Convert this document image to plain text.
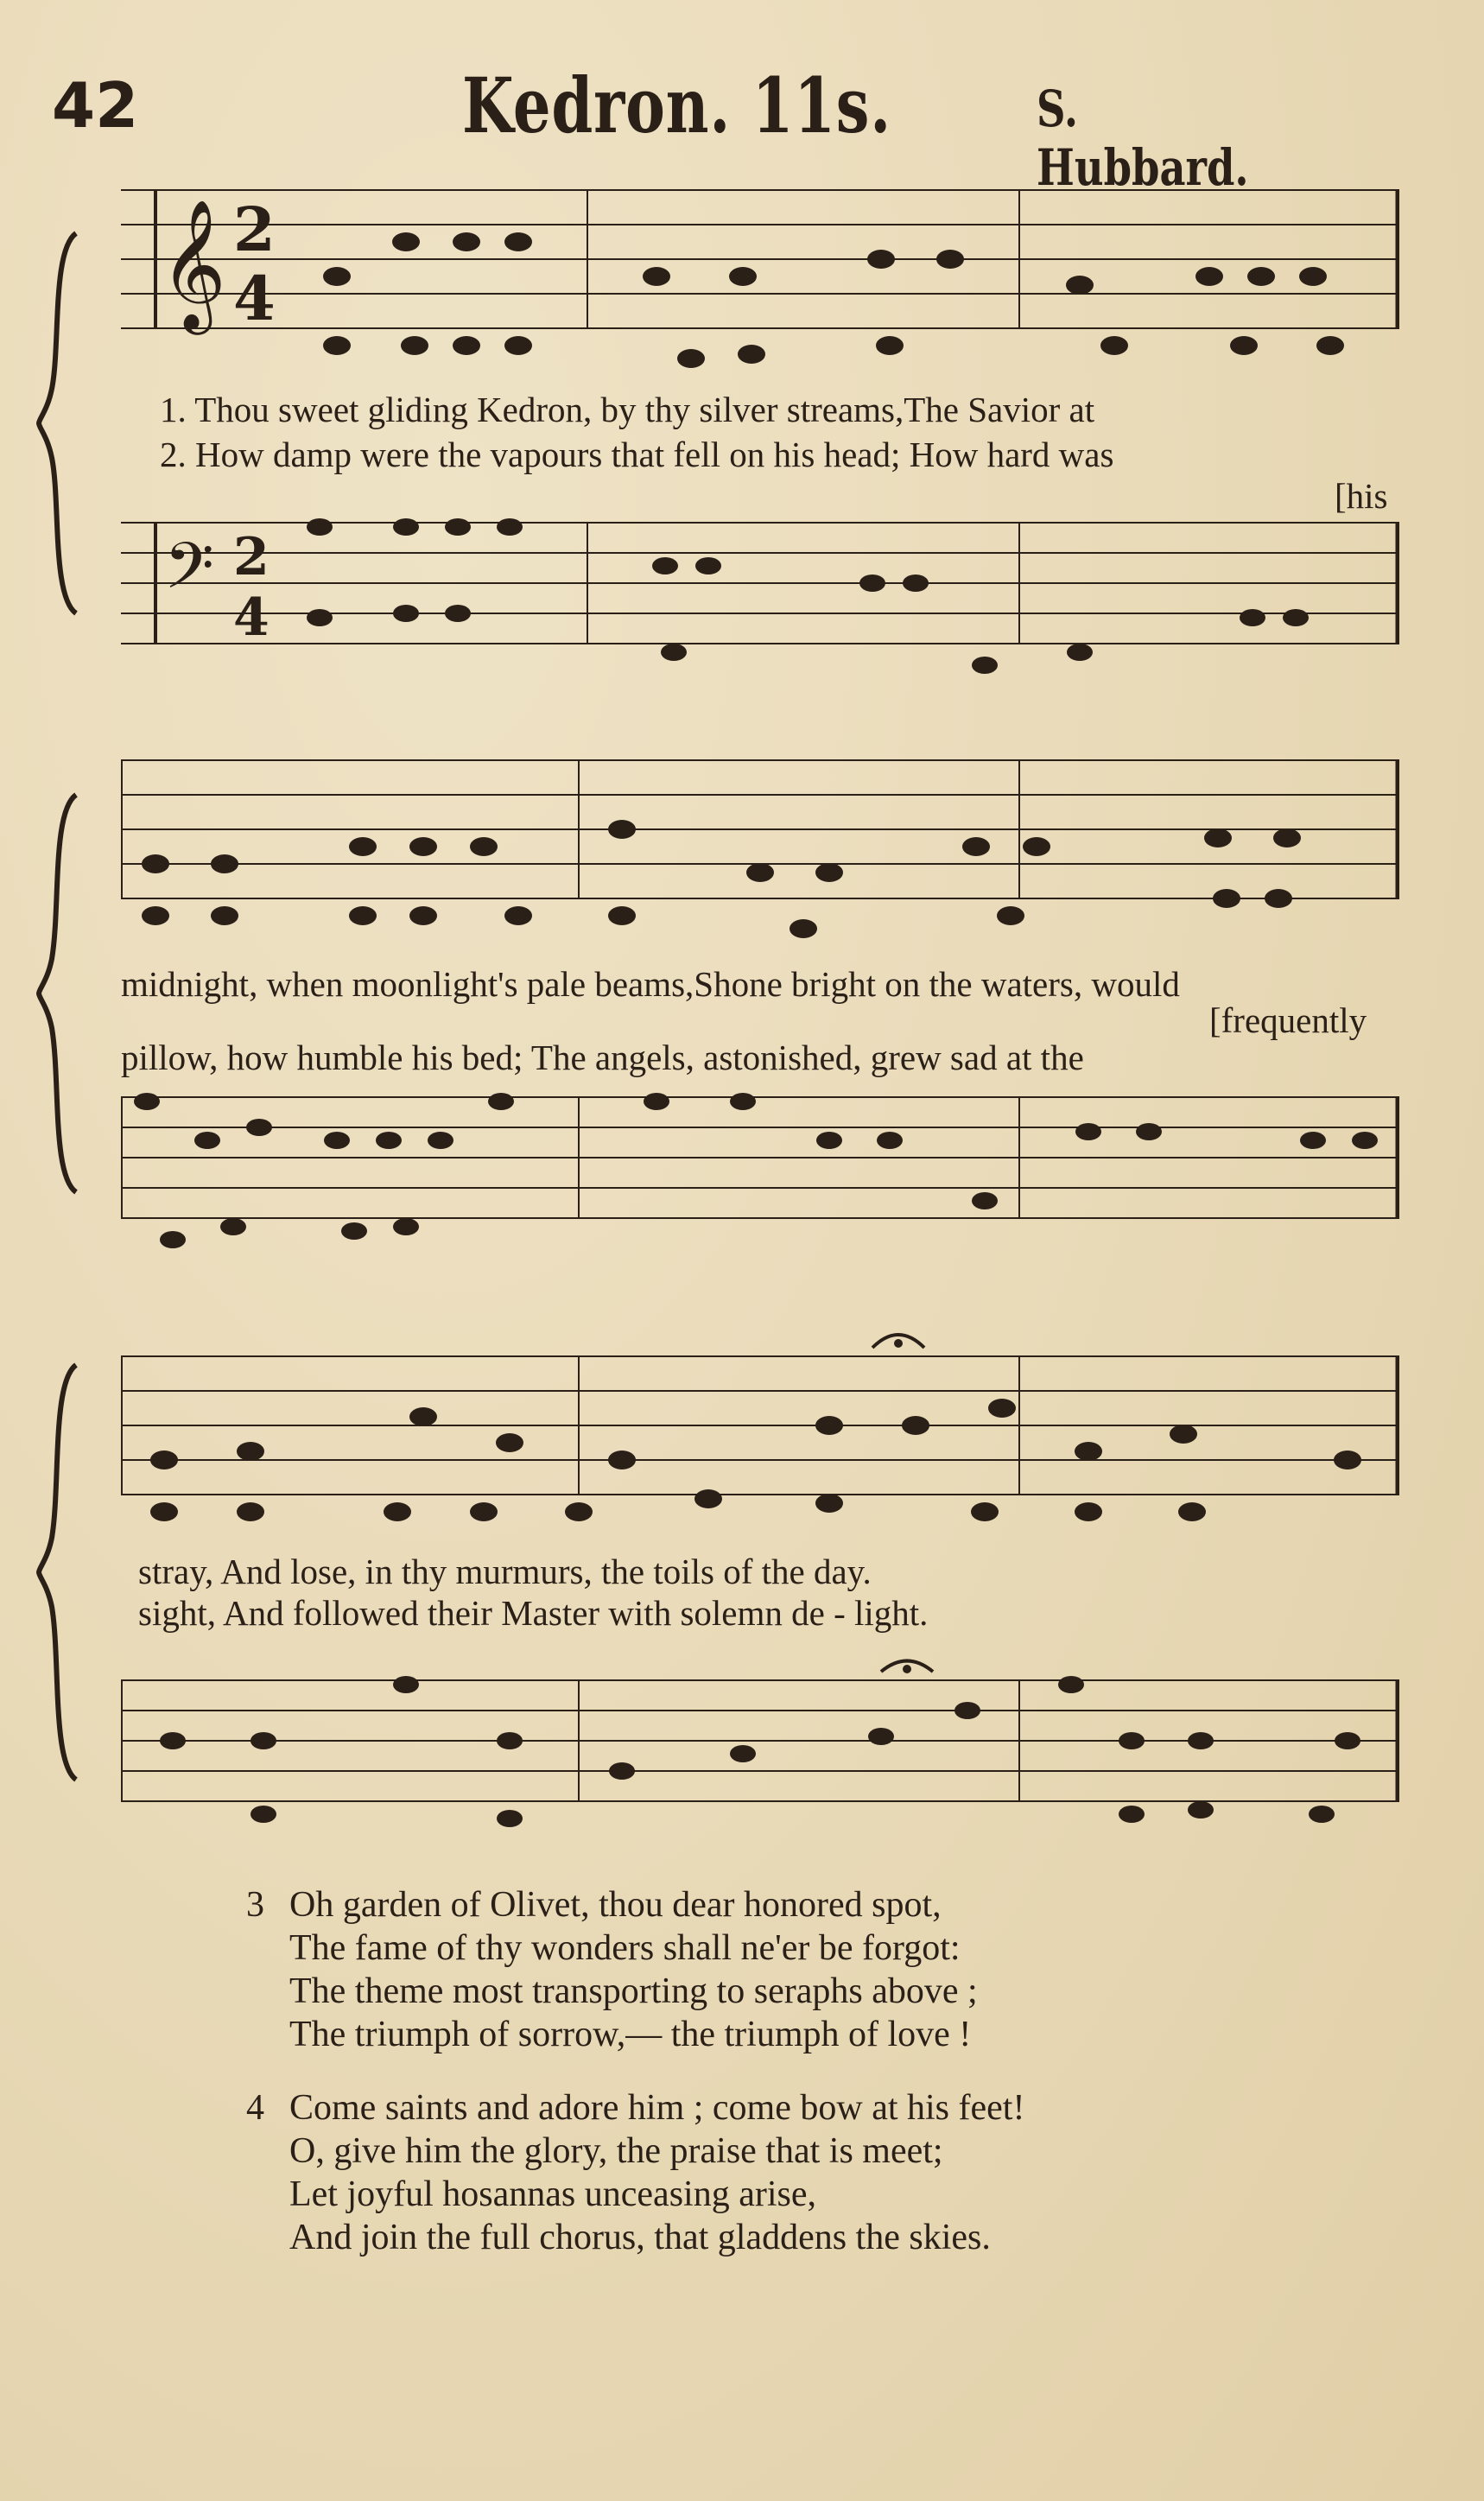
42	Kedron. 11s.	S. Hubbard.
𝄞 2
4
1. Thou sweet gliding Kedron, by thy silver streams,The Savior at
2. How damp were the vapours that fell on his head; How hard was
[his
𝄢 2
4
midnight, when moonlight's pale beams,Shone bright on the waters, would
[frequently
pillow, how humble his bed; The angels, astonished, grew sad at the
stray, And lose, in thy murmurs, the toils of the day.
sight, And followed their Master with solemn de - light.
3 Oh garden of Olivet, thou dear honored spot,
The fame of thy wonders shall ne'er be forgot:
The theme most transporting to seraphs above ;
The triumph of sorrow,— the triumph of love !
4 Come saints and adore him ; come bow at his feet!
O, give him the glory, the praise that is meet;
Let joyful hosannas unceasing arise,
And join the full chorus, that gladdens the skies.
